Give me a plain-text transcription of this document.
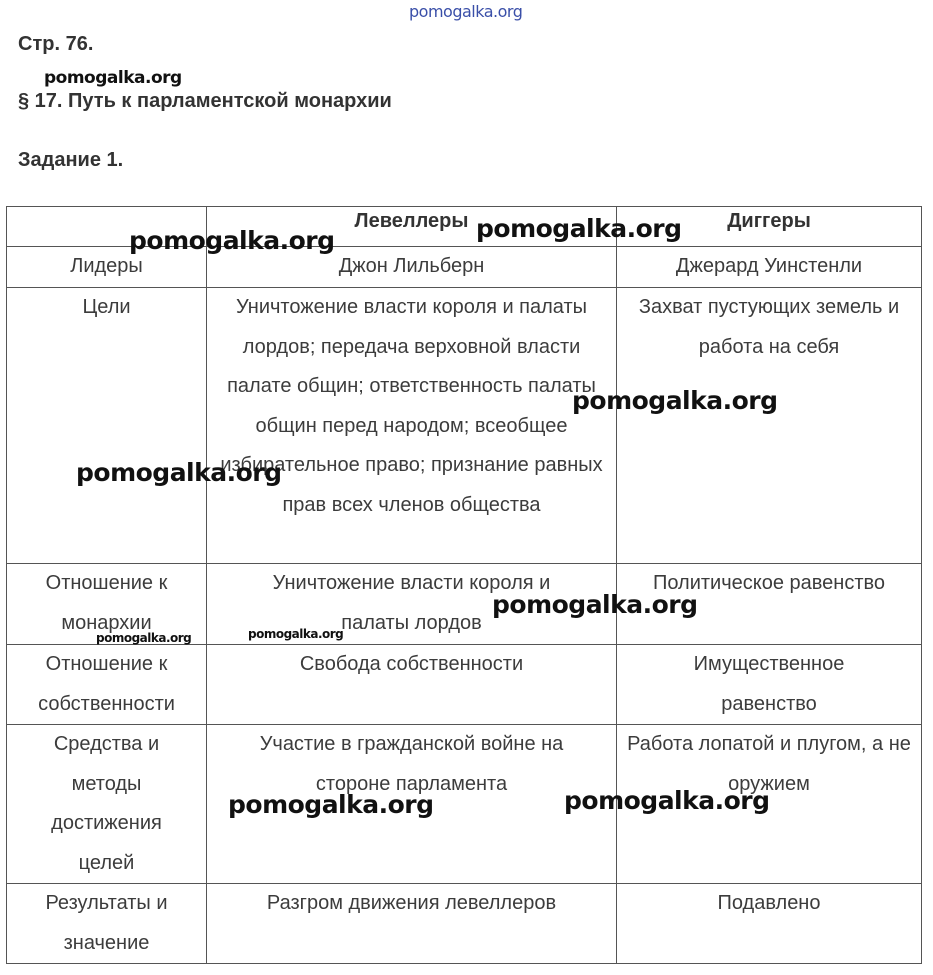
pomogalka.org
Стр. 76.
pomogalka.org
§ 17. Путь к парламентской монархии
Задание 1.
	Левеллеры	Диггеры
Лидеры	Джон Лильберн	Джерард Уинстенли
Цели	Уничтожение власти короля и палаты лордов; передача верховной власти палате общин; ответственность палаты общин перед народом; всеобщее избирательное право; признание равных прав всех членов общества	Захват пустующих земель и работа на себя
Отношение к монархии	Уничтожение власти короля и палаты лордов	Политическое равенство
Отношение к собственности	Свобода собственности	Имущественное равенство
Средства и методы достижения целей	Участие в гражданской войне на стороне парламента	Работа лопатой и плугом, а не оружием
Результаты и значение	Разгром движения левеллеров	Подавлено
pomogalka.org	pomogalka.org
pomogalka.org
pomogalka.org
pomogalka.org
pomogalka.org	pomogalka.org
pomogalka.org	pomogalka.org
